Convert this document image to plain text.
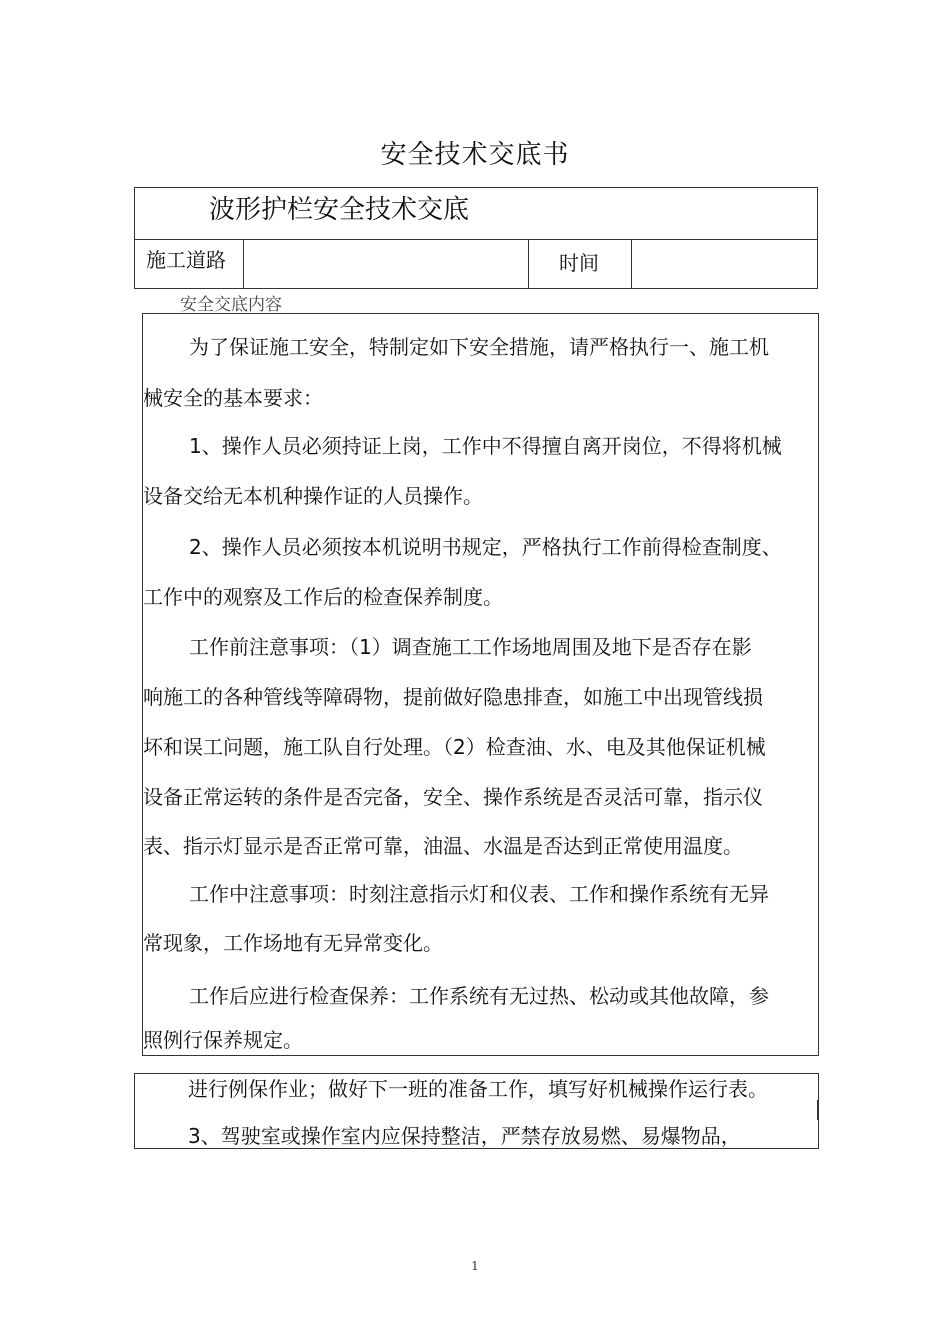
安全技术交底书
波形护栏安全技术交底
施工道路	时间
安全交底内容
为了保证施工安全，特制定如下安全措施，请严格执行一、施工机
械安全的基本要求：
1、操作人员必须持证上岗，工作中不得擅自离开岗位，不得将机械
设备交给无本机种操作证的人员操作。
2、操作人员必须按本机说明书规定，严格执行工作前得检查制度、
工作中的观察及工作后的检查保养制度。
工作前注意事项：（1）调查施工工作场地周围及地下是否存在影
响施工的各种管线等障碍物，提前做好隐患排查，如施工中出现管线损
坏和误工问题，施工队自行处理。（2）检查油、水、电及其他保证机械
设备正常运转的条件是否完备，安全、操作系统是否灵活可靠，指示仪
表、指示灯显示是否正常可靠，油温、水温是否达到正常使用温度。
工作中注意事项：时刻注意指示灯和仪表、工作和操作系统有无异
常现象，工作场地有无异常变化。
工作后应进行检查保养：工作系统有无过热、松动或其他故障，参
照例行保养规定。
进行例保作业；做好下一班的准备工作，填写好机械操作运行表。
3、驾驶室或操作室内应保持整洁，严禁存放易燃、易爆物品，
1
